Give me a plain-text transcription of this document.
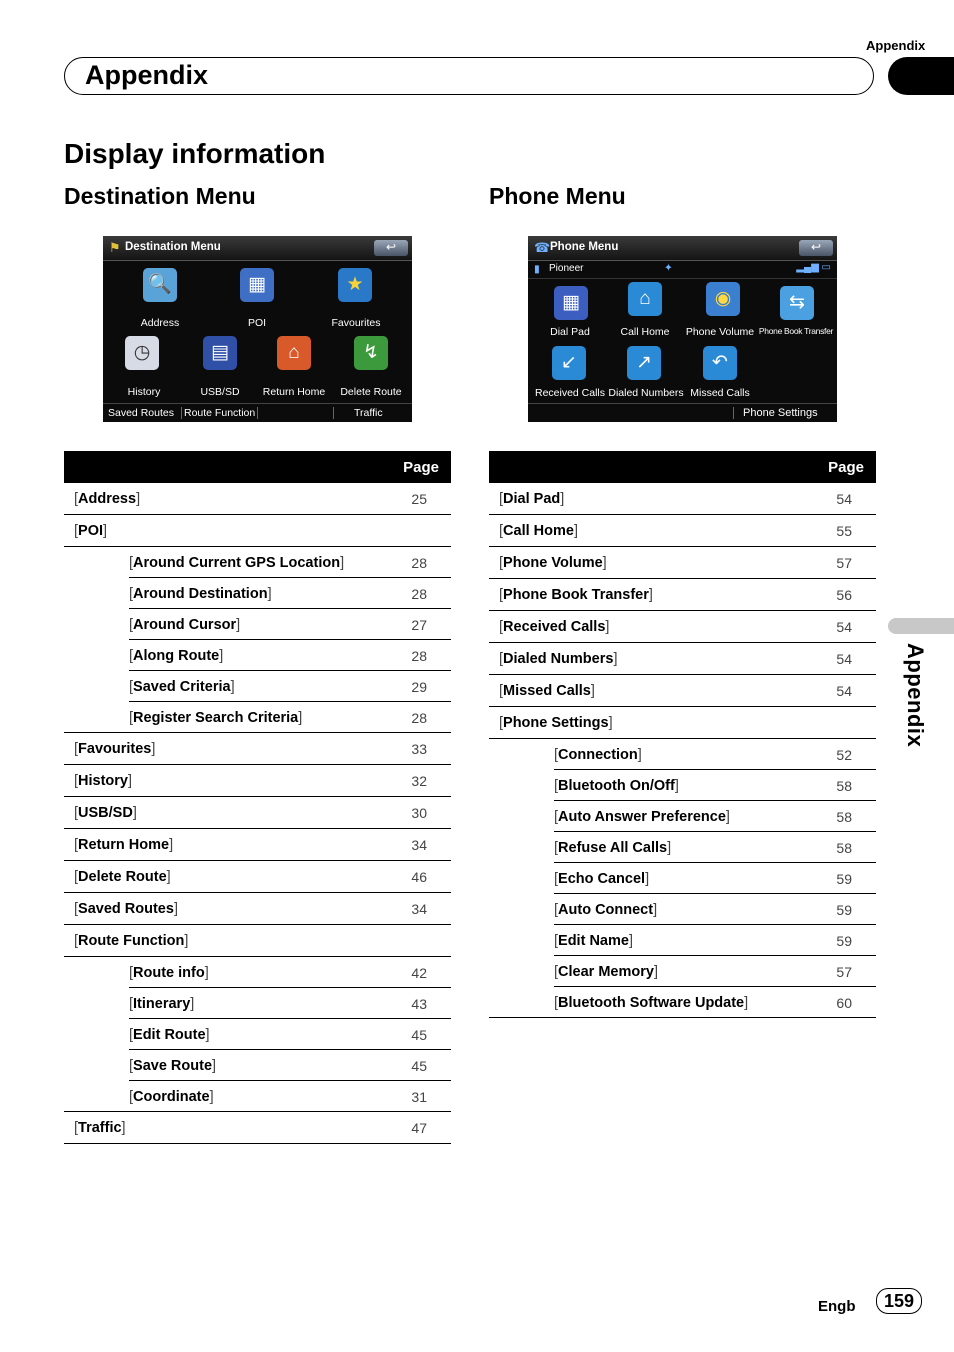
Appendix
Appendix
Appendix
Display information
Destination Menu	Phone Menu
⚑ Destination Menu	↩
🔍	▦	★
Address	POI	Favourites
◷	▤	⌂	↯
History	USB/SD	Return Home	Delete Route
Saved Routes Route Function	Traffic
☎ Phone Menu	↩
▮ Pioneer	✦	▂▄▆ ▭
▦	⌂	◉	⇆
Dial Pad	Call Home	Phone Volume Phone Book Transfer
↙	↗	↶
Received Calls Dialed Numbers Missed Calls
Phone Settings
Page	
[Address]	25
[POI]	
[Around Current GPS Location]	28
[Around Destination]	28
[Around Cursor]	27
[Along Route]	28
[Saved Criteria]	29
[Register Search Criteria]	28
[Favourites]	33
[History]	32
[USB/SD]	30
[Return Home]	34
[Delete Route]	46
[Saved Routes]	34
[Route Function]	
[Route info]	42
[Itinerary]	43
[Edit Route]	45
[Save Route]	45
[Coordinate]	31
[Traffic]	47
Page	
[Dial Pad]	54
[Call Home]	55
[Phone Volume]	57
[Phone Book Transfer]	56
[Received Calls]	54
[Dialed Numbers]	54
[Missed Calls]	54
[Phone Settings]	
[Connection]	52
[Bluetooth On/Off]	58
[Auto Answer Preference]	58
[Refuse All Calls]	58
[Echo Cancel]	59
[Auto Connect]	59
[Edit Name]	59
[Clear Memory]	57
[Bluetooth Software Update]	60
Engb	159
